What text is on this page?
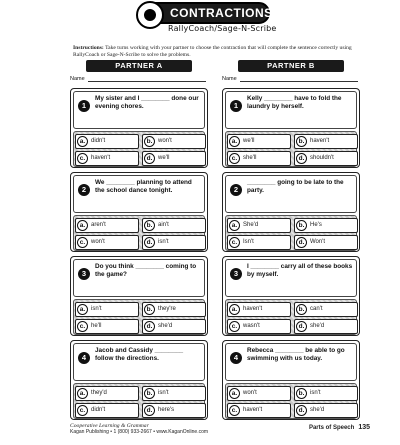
CONTRACTIONS
RallyCoach/Sage-N-Scribe
Instructions: Take turns working with your partner to choose the contraction that will complete the sentence correctly using RallyCoach or Sage-N-Scribe to solve the problems.
PARTNER A
Name
1
My sister and I ________ done our evening chores.
a. didn't	b. won't
c. haven't	d. we'll
2
We ________ planning to attend the school dance tonight.
a. aren't	b. ain't
c. won't	d. isn't
3
Do you think ________ coming to the game?
a. isn't	b. they're
c. he'll	d. she'd
4
Jacob and Cassidy ________ follow the directions.
a. they'd	b. isn't
c. didn't	d. here's
PARTNER B
Name
1
Kelly ________ have to fold the laundry by herself.
a. we'll	b. haven't
c. she'll	d. shouldn't
2
________ going to be late to the party.
a. She'd	b. He's
c. Isn't	d. Won't
3
I ________ carry all of these books by myself.
a. haven't	b. can't
c. wasn't	d. she'd
4
Rebecca ________ be able to go swimming with us today.
a. won't	b. isn't
c. haven't	d. she'd
Cooperative Learning & Grammar
Kagan Publishing • 1 (800) 933-2667 • www.KaganOnline.com
Parts of Speech 135
